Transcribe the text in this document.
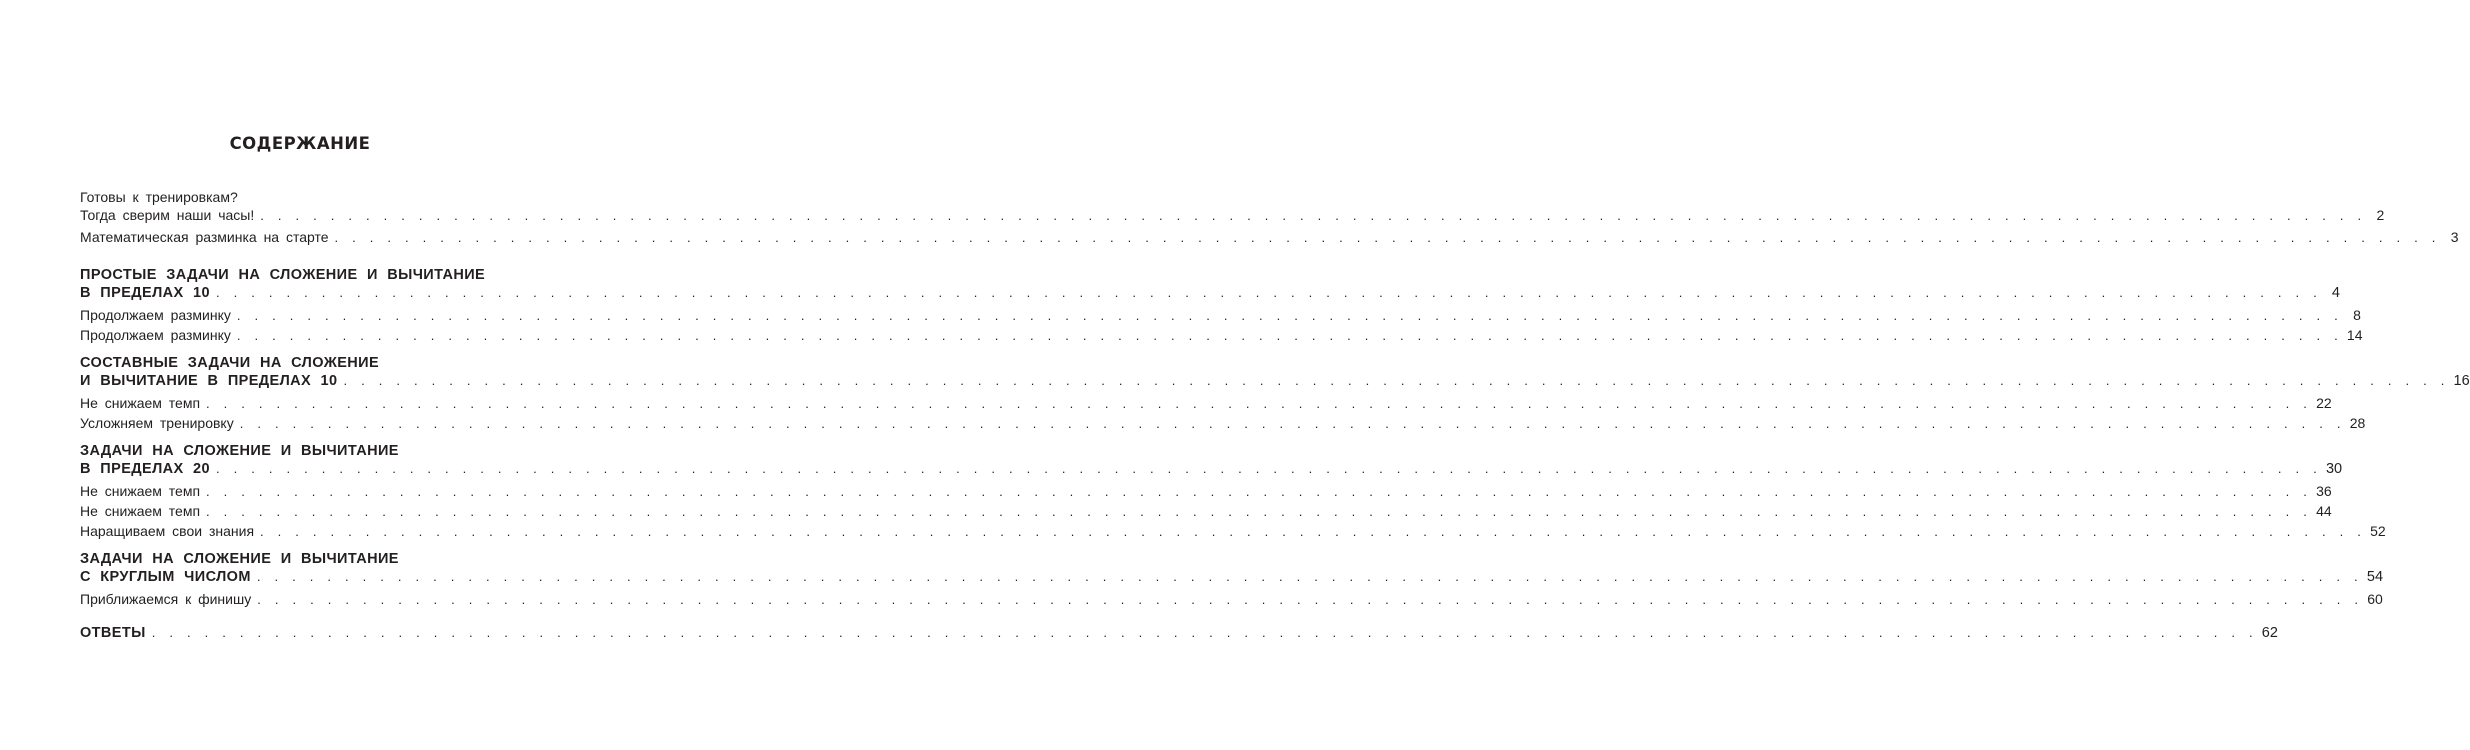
СОДЕРЖАНИЕ
Готовы к тренировкам?
Тогда сверим наши часы! . . . . . . . . . . . . . . . . . . . . . . . . . . . . . . . . . . . . . . . . . . . . . . . . . . . . . . . . . . . . . . . . . . . . . . . . . . . . . . . . . . . . . . . . . . . . . . . . . . . . . . . . . . . . . . . . . . . . . . . . 2
Математическая разминка на старте . . . . . . . . . . . . . . . . . . . . . . . . . . . . . . . . . . . . . . . . . . . . . . . . . . . . . . . . . . . . . . . . . . . . . . . . . . . . . . . . . . . . . . . . . . . . . . . . . . . . . . . . . . . . . . . . . . . . . . . . 3
ПРОСТЫЕ ЗАДАЧИ НА СЛОЖЕНИЕ И ВЫЧИТАНИЕ
В ПРЕДЕЛАХ 10 . . . . . . . . . . . . . . . . . . . . . . . . . . . . . . . . . . . . . . . . . . . . . . . . . . . . . . . . . . . . . . . . . . . . . . . . . . . . . . . . . . . . . . . . . . . . . . . . . . . . . . . . . . . . . . . . . . . . . . . . 4
Продолжаем разминку . . . . . . . . . . . . . . . . . . . . . . . . . . . . . . . . . . . . . . . . . . . . . . . . . . . . . . . . . . . . . . . . . . . . . . . . . . . . . . . . . . . . . . . . . . . . . . . . . . . . . . . . . . . . . . . . . . . . . . . . 8
Продолжаем разминку . . . . . . . . . . . . . . . . . . . . . . . . . . . . . . . . . . . . . . . . . . . . . . . . . . . . . . . . . . . . . . . . . . . . . . . . . . . . . . . . . . . . . . . . . . . . . . . . . . . . . . . . . . . . . . . . . . . . . . . . 14
СОСТАВНЫЕ ЗАДАЧИ НА СЛОЖЕНИЕ
И ВЫЧИТАНИЕ В ПРЕДЕЛАХ 10 . . . . . . . . . . . . . . . . . . . . . . . . . . . . . . . . . . . . . . . . . . . . . . . . . . . . . . . . . . . . . . . . . . . . . . . . . . . . . . . . . . . . . . . . . . . . . . . . . . . . . . . . . . . . . . . . . . . . . . . . 16
Не снижаем темп . . . . . . . . . . . . . . . . . . . . . . . . . . . . . . . . . . . . . . . . . . . . . . . . . . . . . . . . . . . . . . . . . . . . . . . . . . . . . . . . . . . . . . . . . . . . . . . . . . . . . . . . . . . . . . . . . . . . . . . . 22
Усложняем тренировку . . . . . . . . . . . . . . . . . . . . . . . . . . . . . . . . . . . . . . . . . . . . . . . . . . . . . . . . . . . . . . . . . . . . . . . . . . . . . . . . . . . . . . . . . . . . . . . . . . . . . . . . . . . . . . . . . . . . . . . . 28
ЗАДАЧИ НА СЛОЖЕНИЕ И ВЫЧИТАНИЕ
В ПРЕДЕЛАХ 20 . . . . . . . . . . . . . . . . . . . . . . . . . . . . . . . . . . . . . . . . . . . . . . . . . . . . . . . . . . . . . . . . . . . . . . . . . . . . . . . . . . . . . . . . . . . . . . . . . . . . . . . . . . . . . . . . . . . . . . . . 30
Не снижаем темп . . . . . . . . . . . . . . . . . . . . . . . . . . . . . . . . . . . . . . . . . . . . . . . . . . . . . . . . . . . . . . . . . . . . . . . . . . . . . . . . . . . . . . . . . . . . . . . . . . . . . . . . . . . . . . . . . . . . . . . . 36
Не снижаем темп . . . . . . . . . . . . . . . . . . . . . . . . . . . . . . . . . . . . . . . . . . . . . . . . . . . . . . . . . . . . . . . . . . . . . . . . . . . . . . . . . . . . . . . . . . . . . . . . . . . . . . . . . . . . . . . . . . . . . . . . 44
Наращиваем свои знания . . . . . . . . . . . . . . . . . . . . . . . . . . . . . . . . . . . . . . . . . . . . . . . . . . . . . . . . . . . . . . . . . . . . . . . . . . . . . . . . . . . . . . . . . . . . . . . . . . . . . . . . . . . . . . . . . . . . . . . . 52
ЗАДАЧИ НА СЛОЖЕНИЕ И ВЫЧИТАНИЕ
С КРУГЛЫМ ЧИСЛОМ . . . . . . . . . . . . . . . . . . . . . . . . . . . . . . . . . . . . . . . . . . . . . . . . . . . . . . . . . . . . . . . . . . . . . . . . . . . . . . . . . . . . . . . . . . . . . . . . . . . . . . . . . . . . . . . . . . . . . . . . 54
Приближаемся к финишу . . . . . . . . . . . . . . . . . . . . . . . . . . . . . . . . . . . . . . . . . . . . . . . . . . . . . . . . . . . . . . . . . . . . . . . . . . . . . . . . . . . . . . . . . . . . . . . . . . . . . . . . . . . . . . . . . . . . . . . . 60
ОТВЕТЫ . . . . . . . . . . . . . . . . . . . . . . . . . . . . . . . . . . . . . . . . . . . . . . . . . . . . . . . . . . . . . . . . . . . . . . . . . . . . . . . . . . . . . . . . . . . . . . . . . . . . . . . . . . . . . . . . . . . . . . . . 62
